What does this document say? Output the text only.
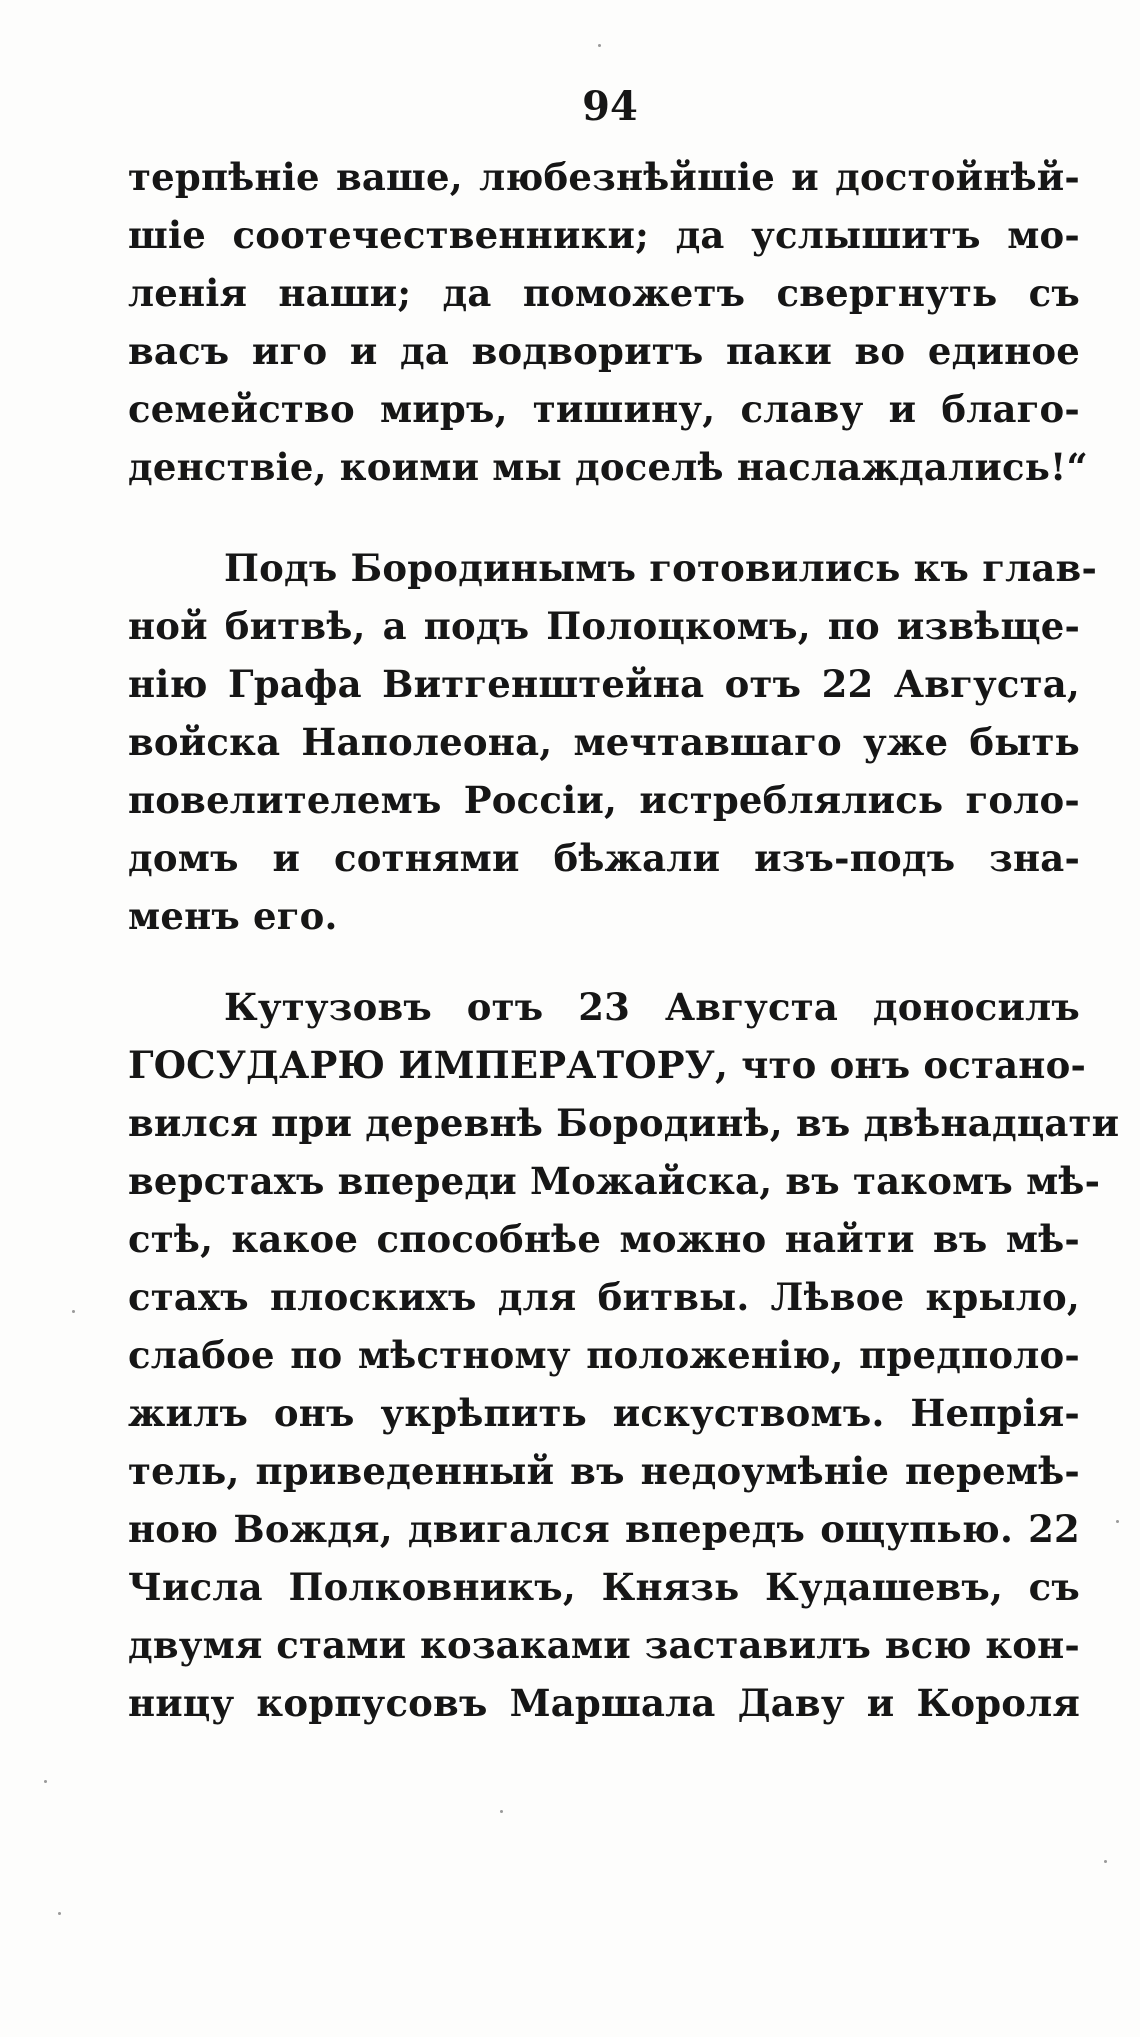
94
терпѣніе ваше, любезнѣйшіе и достойнѣй-
шіе соотечественники; да услышитъ мо-
ленія наши; да поможетъ свергнуть съ
васъ иго и да водворитъ паки во единое
семейство миръ, тишину, славу и благо-
денствіе, коими мы доселѣ наслаждались!“
Подъ Бородинымъ готовились къ глав-
ной битвѣ, а подъ Полоцкомъ, по извѣще-
нію Графа Витгенштейна отъ 22 Августа,
войска Наполеона, мечтавшаго уже быть
повелителемъ Россіи, истреблялись голо-
домъ и сотнями бѣжали изъ-подъ зна-
менъ его.
Кутузовъ отъ 23 Августа доносилъ
ГОСУДАРЮ ИМПЕРАТОРУ, что онъ остано-
вился при деревнѣ Бородинѣ, въ двѣнадцати
верстахъ впереди Можайска, въ такомъ мѣ-
стѣ, какое способнѣе можно найти въ мѣ-
стахъ плоскихъ для битвы. Лѣвое крыло,
слабое по мѣстному положенію, предполо-
жилъ онъ укрѣпить искуствомъ. Непрія-
тель, приведенный въ недоумѣніе перемѣ-
ною Вождя, двигался впередъ ощупью. 22
Числа Полковникъ, Князь Кудашевъ, съ
двумя стами козаками заставилъ всю кон-
ницу корпусовъ Маршала Даву и Короля
